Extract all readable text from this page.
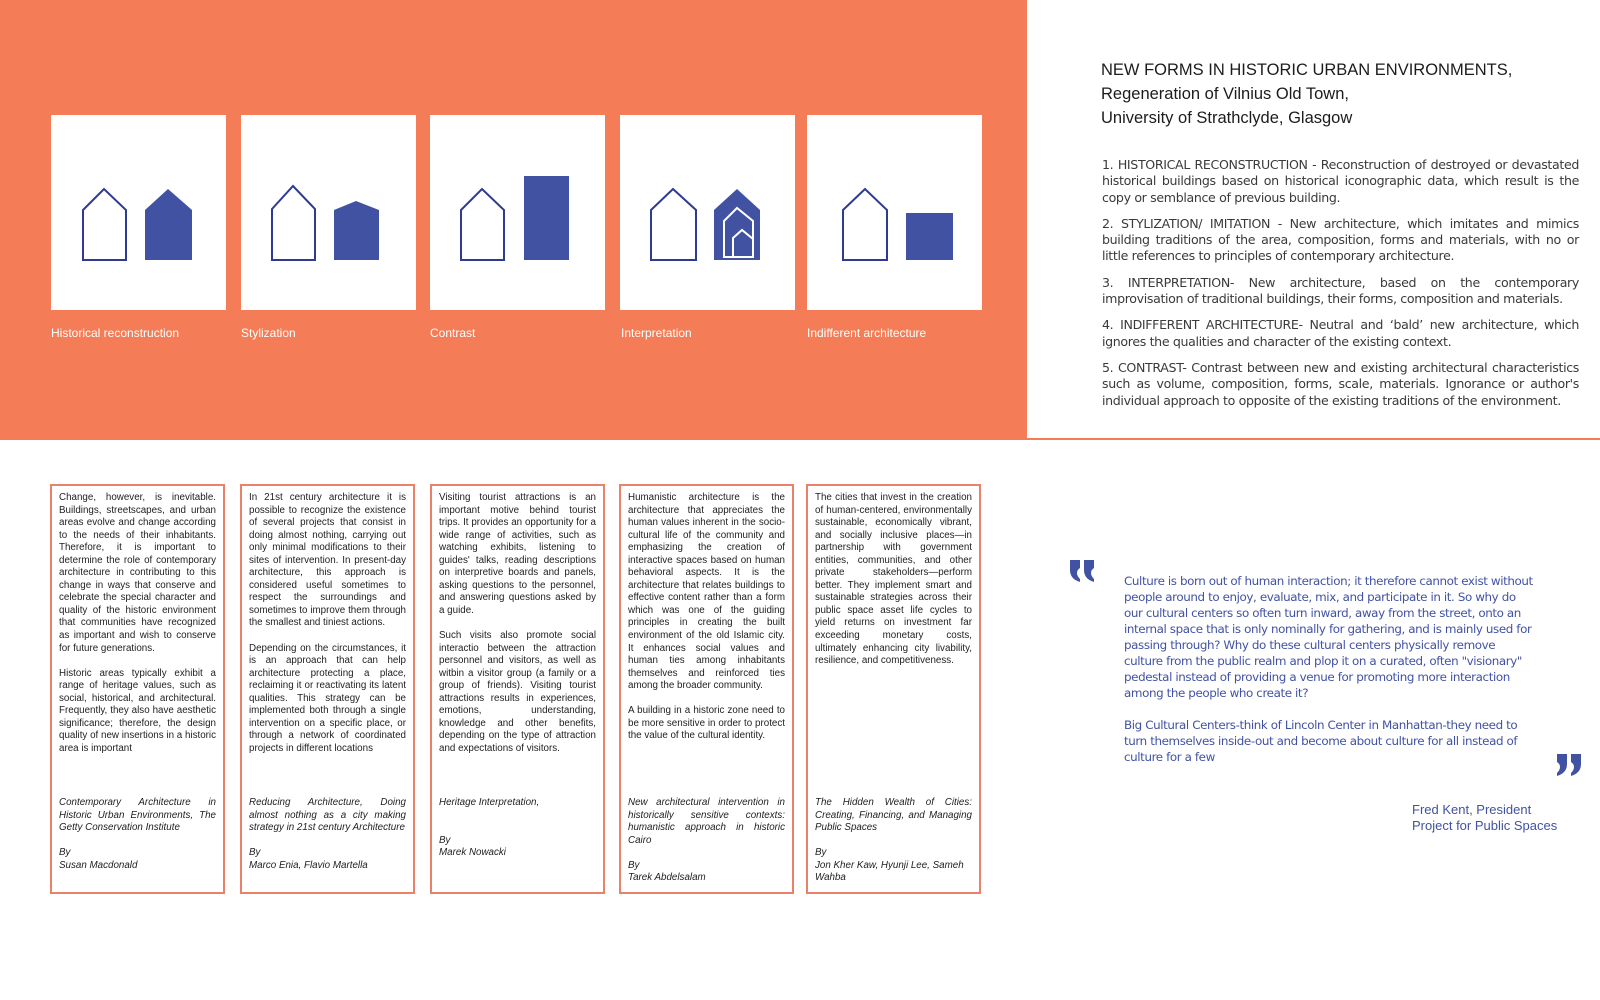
Historical reconstruction	Stylization	Contrast	Interpretation	Indifferent architecture
NEW FORMS IN HISTORIC URBAN ENVIRONMENTS,
Regeneration of Vilnius Old Town,
University of Strathclyde, Glasgow

1. HISTORICAL RECONSTRUCTION - Reconstruction of destroyed or devastated historical buildings based on historical iconographic data, which result is the copy or semblance of previous building.

2. STYLIZATION/ IMITATION - New architecture, which imitates and mimics building traditions of the area, composition, forms and materials, with no or little references to principles of contemporary architecture.

3. INTERPRETATION- New architecture, based on the contemporary improvisation of traditional buildings, their forms, composition and materials.

4. INDIFFERENT ARCHITECTURE- Neutral and ‘bald’ new architecture, which ignores the qualities and character of the existing context.

5. CONTRAST- Contrast between new and existing architectural characteristics such as volume, composition, forms, scale, materials. Ignorance or author's individual approach to opposite of the existing traditions of the environment.

Change, however, is inevitable. Buildings, streetscapes, and urban areas evolve and change according to the needs of their inhabitants. Therefore, it is important to determine the role of contemporary architecture in contributing to this change in ways that conserve and celebrate the special character and quality of the historic environment that communities have recognized as important and wish to conserve for future generations.

Historic areas typically exhibit a range of heritage values, such as social, historical, and architectural. Frequently, they also have aesthetic significance; therefore, the design quality of new insertions in a historic area is important

Contemporary Architecture in Historic Urban Environments, The Getty Conservation Institute

By
Susan Macdonald

In 21st century architecture it is possible to recognize the existence of several projects that consist in doing almost nothing, carrying out only minimal modifications to their sites of intervention. In present-day architecture, this approach is considered useful sometimes to respect the surroundings and sometimes to improve them through the smallest and tiniest actions.

Depending on the circumstances, it is an approach that can help architecture protecting a place, reclaiming it or reactivating its latent qualities. This strategy can be implemented both through a single intervention on a specific place, or through a network of coordinated projects in different locations

Reducing Architecture, Doing almost nothing as a city making strategy in 21st century Architecture

By
Marco Enia, Flavio Martella

Visiting tourist attractions is an important motive behind tourist trips. It provides an opportunity for a wide range of activities, such as watching exhibits, listening to guides' talks, reading descriptions on interpretive boards and panels, asking questions to the personnel, and answering questions asked by a guide.

Such visits also promote social interactio between the attraction personnel and visitors, as well as witbin a visitor group (a family or a group of friends). Visiting tourist attractions results in experiences, emotions, understanding, knowledge and other benefits, depending on the type of attraction and expectations of visitors.

Heritage Interpretation,

By
Marek Nowacki

Humanistic architecture is the architecture that appreciates the human values inherent in the socio-cultural life of the community and emphasizing the creation of interactive spaces based on human behavioral aspects. It is the architecture that relates buildings to effective content rather than a form which was one of the guiding principles in creating the built environment of the old Islamic city. It enhances social values and human ties among inhabitants themselves and reinforced ties among the broader community.

A building in a historic zone need to be more sensitive in order to protect the value of the cultural identity.

New architectural intervention in historically sensitive contexts: humanistic approach in historic Cairo

By
Tarek Abdelsalam

The cities that invest in the creation of human-centered, environmentally sustainable, economically vibrant, and socially inclusive places—in partnership with government entities, communities, and other private stakeholders—perform better. They implement smart and sustainable strategies across their public space asset life cycles to yield returns on investment far exceeding monetary costs, ultimately enhancing city livability, resilience, and competitiveness.

The Hidden Wealth of Cities: Creating, Financing, and Managing Public Spaces

By
Jon Kher Kaw, Hyunji Lee, Sameh Wahba

Culture is born out of human interaction; it therefore cannot exist without people around to enjoy, evaluate, mix, and participate in it. So why do our cultural centers so often turn inward, away from the street, onto an internal space that is only nominally for gathering, and is mainly used for passing through? Why do these cultural centers physically remove culture from the public realm and plop it on a curated, often "visionary" pedestal instead of providing a venue for promoting more interaction among the people who create it?

Big Cultural Centers-think of Lincoln Center in Manhattan-they need to turn themselves inside-out and become about culture for all instead of culture for a few

Fred Kent, President
Project for Public Spaces
